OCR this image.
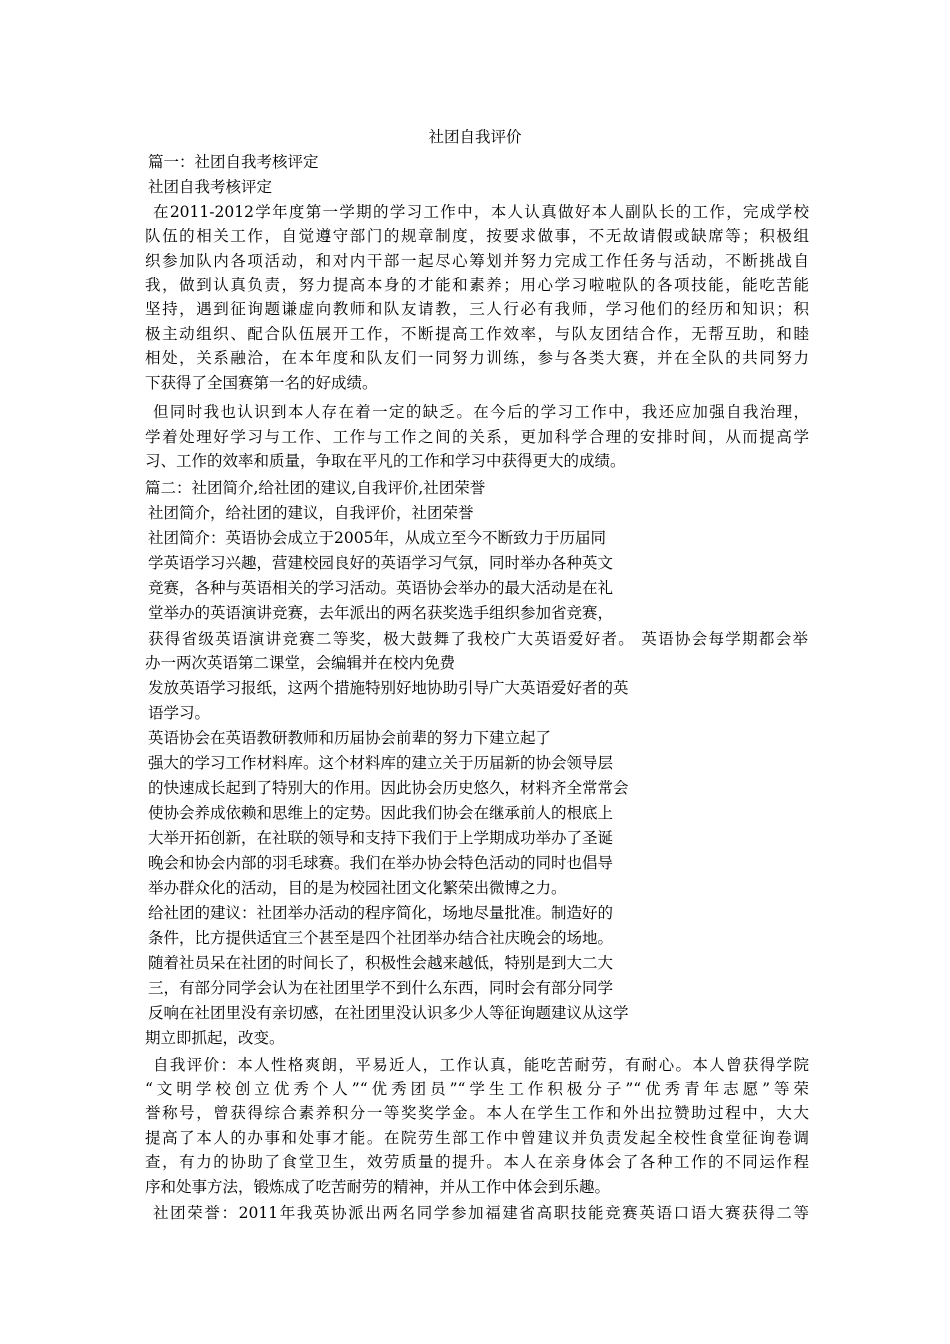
社团自我评价
篇一：社团自我考核评定
社团自我考核评定
在2011-2012学年度第一学期的学习工作中，本人认真做好本人副队长的工作，完成学校
队伍的相关工作，自觉遵守部门的规章制度，按要求做事，不无故请假或缺席等；积极组
织参加队内各项活动，和对内干部一起尽心筹划并努力完成工作任务与活动，不断挑战自
我，做到认真负责，努力提高本身的才能和素养；用心学习啦啦队的各项技能，能吃苦能
坚持，遇到征询题谦虚向教师和队友请教，三人行必有我师，学习他们的经历和知识；积
极主动组织、配合队伍展开工作，不断提高工作效率，与队友团结合作，无帮互助，和睦
相处，关系融洽，在本年度和队友们一同努力训练，参与各类大赛，并在全队的共同努力
下获得了全国赛第一名的好成绩。
但同时我也认识到本人存在着一定的缺乏。在今后的学习工作中，我还应加强自我治理，
学着处理好学习与工作、工作与工作之间的关系，更加科学合理的安排时间，从而提高学
习、工作的效率和质量，争取在平凡的工作和学习中获得更大的成绩。
篇二：社团简介,给社团的建议,自我评价,社团荣誉
社团简介，给社团的建议，自我评价，社团荣誉
社团简介：英语协会成立于2005年，从成立至今不断致力于历届同
学英语学习兴趣，营建校园良好的英语学习气氛，同时举办各种英文
竞赛，各种与英语相关的学习活动。英语协会举办的最大活动是在礼
堂举办的英语演讲竞赛，去年派出的两名获奖选手组织参加省竞赛，
获得省级英语演讲竞赛二等奖，极大鼓舞了我校广大英语爱好者。 英语协会每学期都会举
办一两次英语第二课堂，会编辑并在校内免费
发放英语学习报纸，这两个措施特别好地协助引导广大英语爱好者的英
语学习。
英语协会在英语教研教师和历届协会前辈的努力下建立起了
强大的学习工作材料库。这个材料库的建立关于历届新的协会领导层
的快速成长起到了特别大的作用。因此协会历史悠久，材料齐全常常会
使协会养成依赖和思维上的定势。因此我们协会在继承前人的根底上
大举开拓创新，在社联的领导和支持下我们于上学期成功举办了圣诞
晚会和协会内部的羽毛球赛。我们在举办协会特色活动的同时也倡导
举办群众化的活动，目的是为校园社团文化繁荣出微博之力。
给社团的建议：社团举办活动的程序简化，场地尽量批准。制造好的
条件，比方提供适宜三个甚至是四个社团举办结合社庆晚会的场地。
随着社员呆在社团的时间长了，积极性会越来越低，特别是到大二大
三，有部分同学会认为在社团里学不到什么东西，同时会有部分同学
反响在社团里没有亲切感，在社团里没认识多少人等征询题建议从这学
期立即抓起，改变。
自我评价：本人性格爽朗，平易近人，工作认真，能吃苦耐劳，有耐心。本人曾获得学院
“文明学校创立优秀个人”“优秀团员”“学生工作积极分子”“优秀青年志愿”等荣
誉称号，曾获得综合素养积分一等奖奖学金。本人在学生工作和外出拉赞助过程中，大大
提高了本人的办事和处事才能。在院劳生部工作中曾建议并负责发起全校性食堂征询卷调
查，有力的协助了食堂卫生，效劳质量的提升。本人在亲身体会了各种工作的不同运作程
序和处事方法，锻炼成了吃苦耐劳的精神，并从工作中体会到乐趣。
社团荣誉：2011年我英协派出两名同学参加福建省高职技能竞赛英语口语大赛获得二等
